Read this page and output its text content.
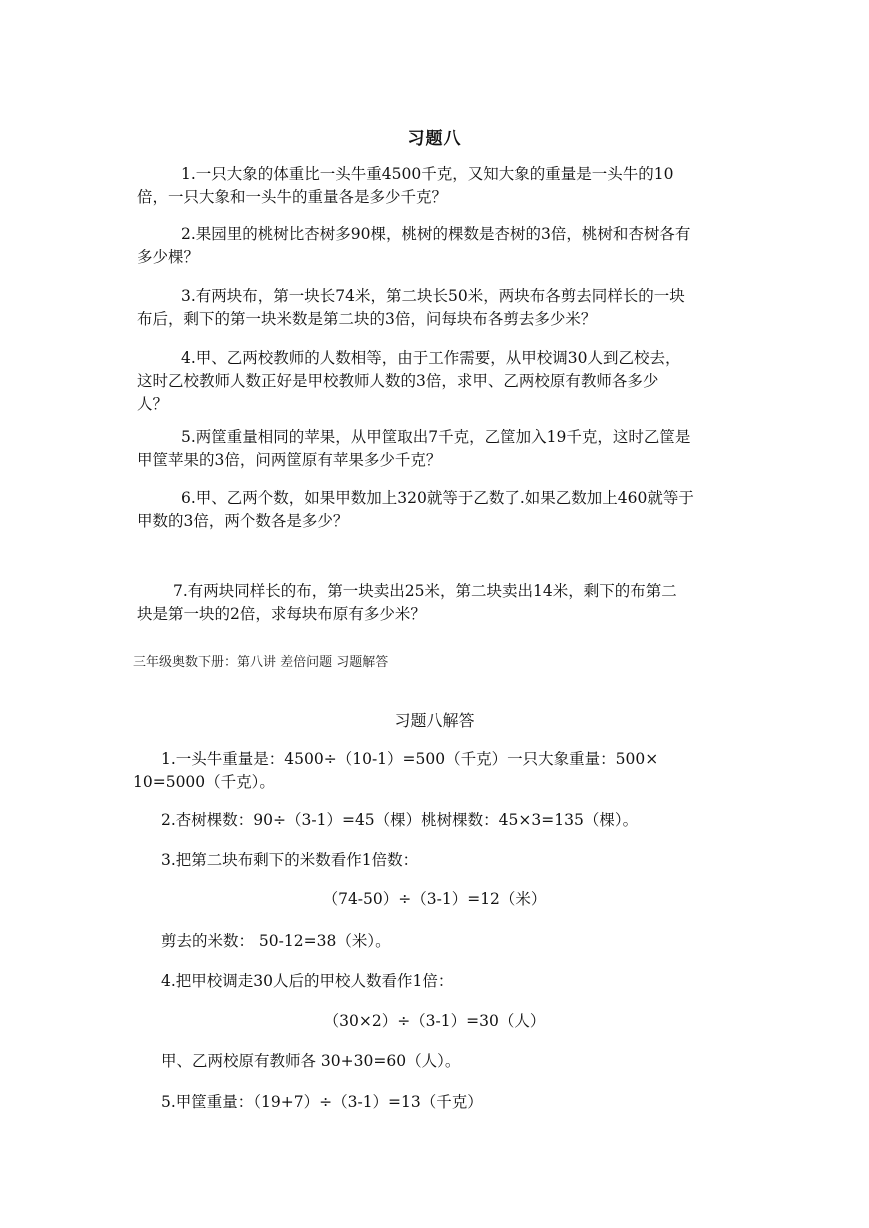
习题八

1.一只大象的体重比一头牛重4500千克，又知大象的重量是一头牛的10
倍，一只大象和一头牛的重量各是多少千克？

2.果园里的桃树比杏树多90棵，桃树的棵数是杏树的3倍，桃树和杏树各有
多少棵？

3.有两块布，第一块长74米，第二块长50米，两块布各剪去同样长的一块
布后，剩下的第一块米数是第二块的3倍，问每块布各剪去多少米？

4.甲、乙两校教师的人数相等，由于工作需要，从甲校调30人到乙校去，
这时乙校教师人数正好是甲校教师人数的3倍，求甲、乙两校原有教师各多少
人？

5.两筐重量相同的苹果，从甲筐取出7千克，乙筐加入19千克，这时乙筐是
甲筐苹果的3倍，问两筐原有苹果多少千克？

6.甲、乙两个数，如果甲数加上320就等于乙数了.如果乙数加上460就等于
甲数的3倍，两个数各是多少？

7.有两块同样长的布，第一块卖出25米，第二块卖出14米，剩下的布第二
块是第一块的2倍，求每块布原有多少米？

三年级奥数下册：第八讲 差倍问题 习题解答
习题八解答
1.一头牛重量是：4500÷（10-1）=500（千克）一只大象重量：500×
10=5000（千克）。
2.杏树棵数：90÷（3-1）=45（棵）桃树棵数：45×3=135（棵）。
3.把第二块布剩下的米数看作1倍数：
（74-50）÷（3-1）=12（米）
剪去的米数： 50-12=38（米）。
4.把甲校调走30人后的甲校人数看作1倍：
（30×2）÷（3-1）=30（人）
甲、乙两校原有教师各 30+30=60（人）。
5.甲筐重量：（19+7）÷（3-1）=13（千克）
